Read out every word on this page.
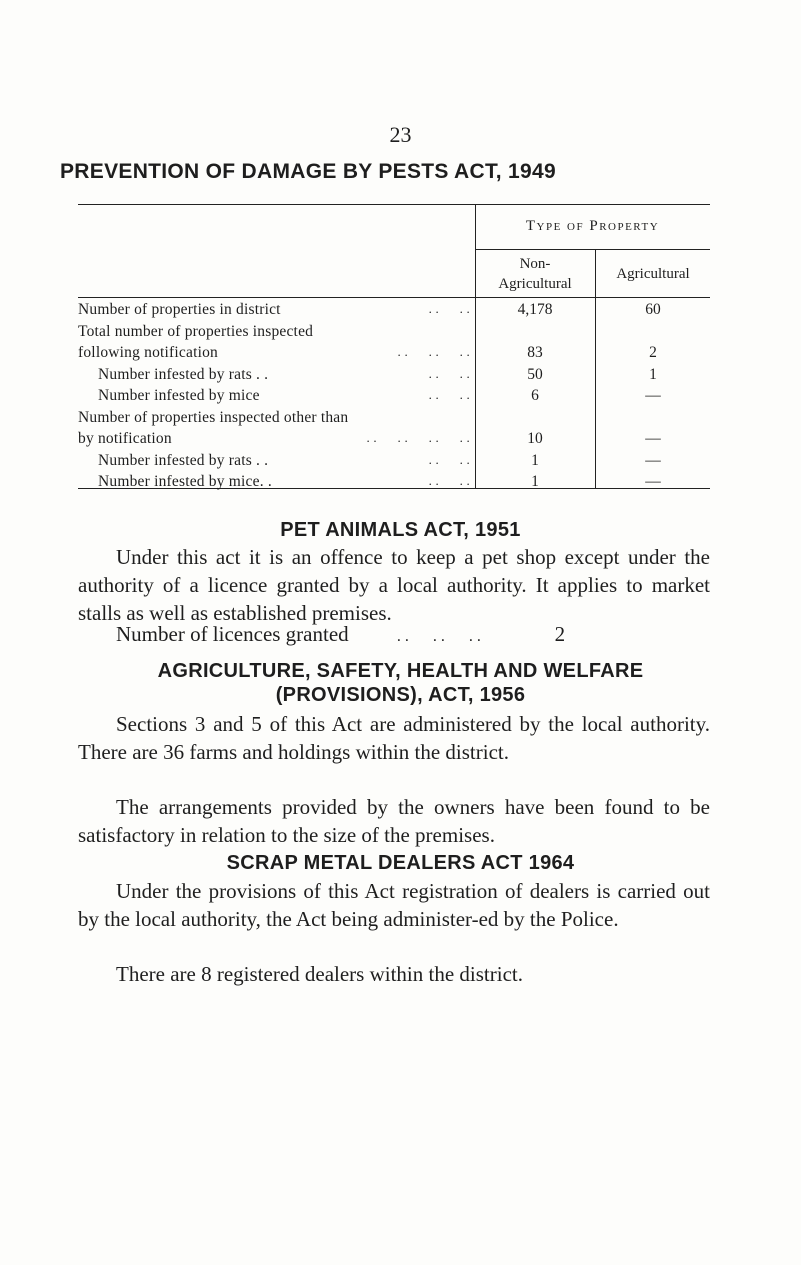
23
PREVENTION OF DAMAGE BY PESTS ACT, 1949
Type of Property
Non-
Agricultural
Agricultural
Number of properties in district	. .      . .	4,178	60
Total number of properties inspected
following notification	. .      . .      . .	83	2
Number infested by rats . .	. .      . .	50	1
Number infested by mice	. .      . .	6	—
Number of properties inspected other than
by notification	. .      . .      . .      . .	10	—
Number infested by rats . .	. .      . .	1	—
Number infested by mice. .	. .      . .	1	—
PET ANIMALS ACT, 1951
Under this act it is an offence to keep a pet shop except under the authority of a licence granted by a local authority. It applies to market stalls as well as established premises.
Number of licences granted	. .      . .      . .	2
AGRICULTURE, SAFETY, HEALTH AND WELFARE
(PROVISIONS), ACT, 1956
Sections 3 and 5 of this Act are administered by the local authority. There are 36 farms and holdings within the district.
The arrangements provided by the owners have been found to be satisfactory in relation to the size of the premises.
SCRAP METAL DEALERS ACT 1964
Under the provisions of this Act registration of dealers is carried out by the local authority, the Act being administer-ed by the Police.
There are 8 registered dealers within the district.
